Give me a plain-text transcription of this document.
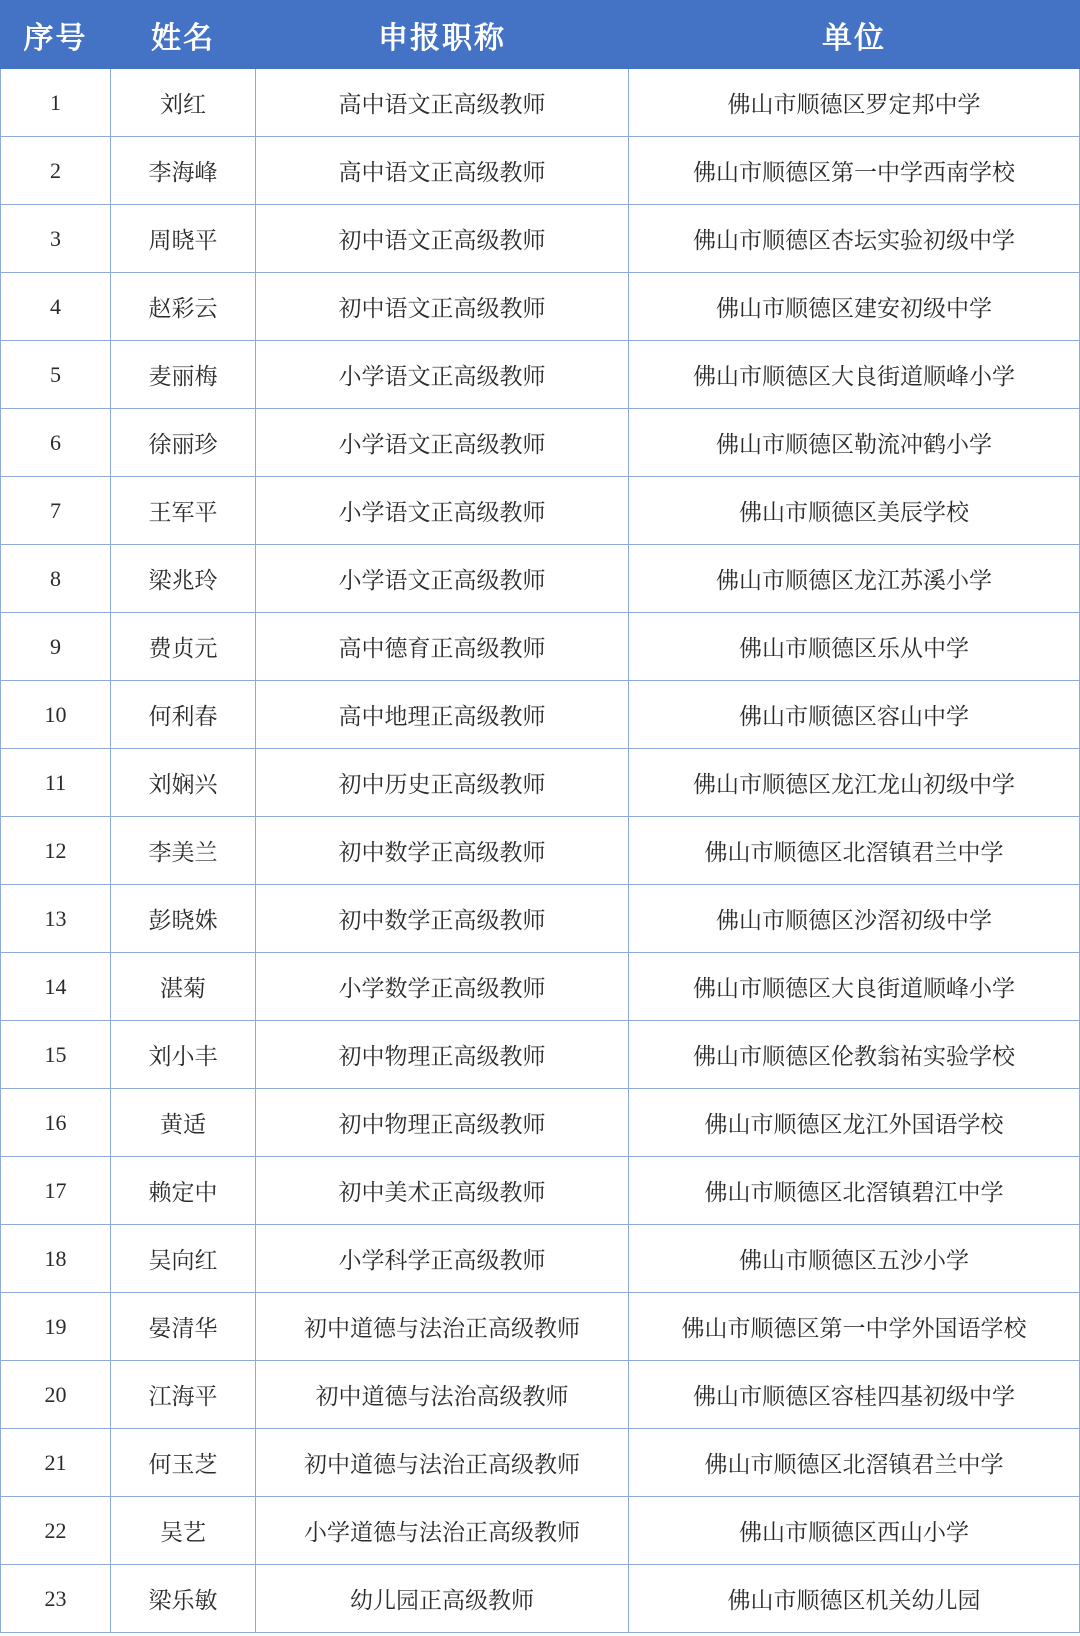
序号	姓名	申报职称	单位
1	刘红	高中语文正高级教师	佛山市顺德区罗定邦中学
2	李海峰	高中语文正高级教师	佛山市顺德区第一中学西南学校
3	周晓平	初中语文正高级教师	佛山市顺德区杏坛实验初级中学
4	赵彩云	初中语文正高级教师	佛山市顺德区建安初级中学
5	麦丽梅	小学语文正高级教师	佛山市顺德区大良街道顺峰小学
6	徐丽珍	小学语文正高级教师	佛山市顺德区勒流冲鹤小学
7	王军平	小学语文正高级教师	佛山市顺德区美辰学校
8	梁兆玲	小学语文正高级教师	佛山市顺德区龙江苏溪小学
9	费贞元	高中德育正高级教师	佛山市顺德区乐从中学
10	何利春	高中地理正高级教师	佛山市顺德区容山中学
11	刘娴兴	初中历史正高级教师	佛山市顺德区龙江龙山初级中学
12	李美兰	初中数学正高级教师	佛山市顺德区北滘镇君兰中学
13	彭晓姝	初中数学正高级教师	佛山市顺德区沙滘初级中学
14	湛菊	小学数学正高级教师	佛山市顺德区大良街道顺峰小学
15	刘小丰	初中物理正高级教师	佛山市顺德区伦教翁祐实验学校
16	黄适	初中物理正高级教师	佛山市顺德区龙江外国语学校
17	赖定中	初中美术正高级教师	佛山市顺德区北滘镇碧江中学
18	吴向红	小学科学正高级教师	佛山市顺德区五沙小学
19	晏清华	初中道德与法治正高级教师	佛山市顺德区第一中学外国语学校
20	江海平	初中道德与法治高级教师	佛山市顺德区容桂四基初级中学
21	何玉芝	初中道德与法治正高级教师	佛山市顺德区北滘镇君兰中学
22	吴艺	小学道德与法治正高级教师	佛山市顺德区西山小学
23	梁乐敏	幼儿园正高级教师	佛山市顺德区机关幼儿园
